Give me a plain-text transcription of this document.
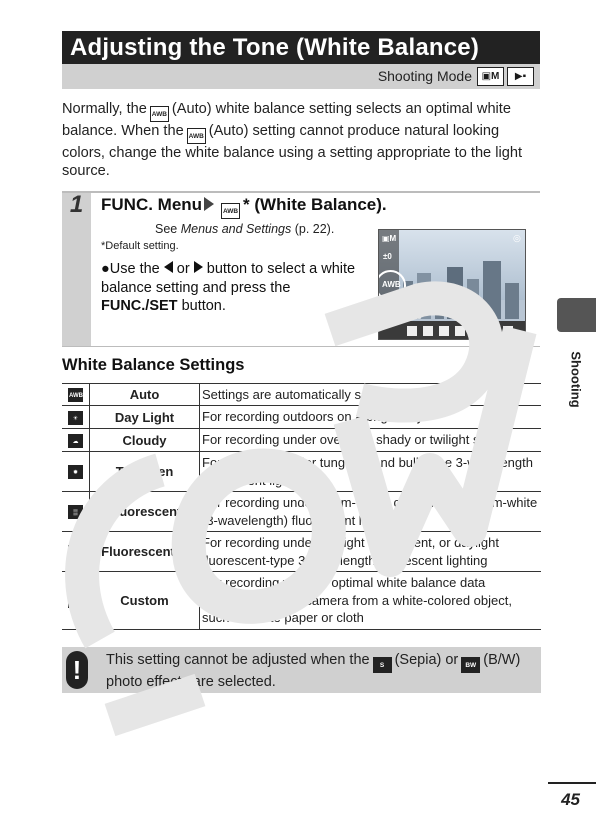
Adjusting the Tone (White Balance)
Shooting Mode ▣M	▶▪
Normally, the AWB (Auto) white balance setting selects an optimal white balance. When the AWB (Auto) setting cannot produce natural looking colors, change the white balance using a setting appropriate to the light source.
1	FUNC. Menu	AWB * (White Balance).
See Menus and Settings (p. 22).
*Default setting.
●Use the or button to select a white balance setting and press the FUNC./SET button.
▣M
±0
AWB
◎
Auto
White Balance Settings
AWB	Auto	Settings are automatically set by the camera
☀	Day Light	For recording outdoors on a bright day
☁	Cloudy	For recording under overcast, shady or twilight skies
✹	Tungsten	For recording under tungsten and bulb-type 3-wavelength fluorescent lighting
▒	Fluorescent	For recording under warm-white, cool-white or warm-white (3-wavelength) fluorescent lighting
H	Fluorescent H	For recording under daylight fluorescent, or daylight fluorescent-type 3-wavelength fluorescent lighting
▣	Custom	For recording with the optimal white balance data memorized in the camera from a white-colored object, such as white paper or cloth
!	This setting cannot be adjusted when the S (Sepia) or BW (B/W) photo effects are selected.
Shooting
45
